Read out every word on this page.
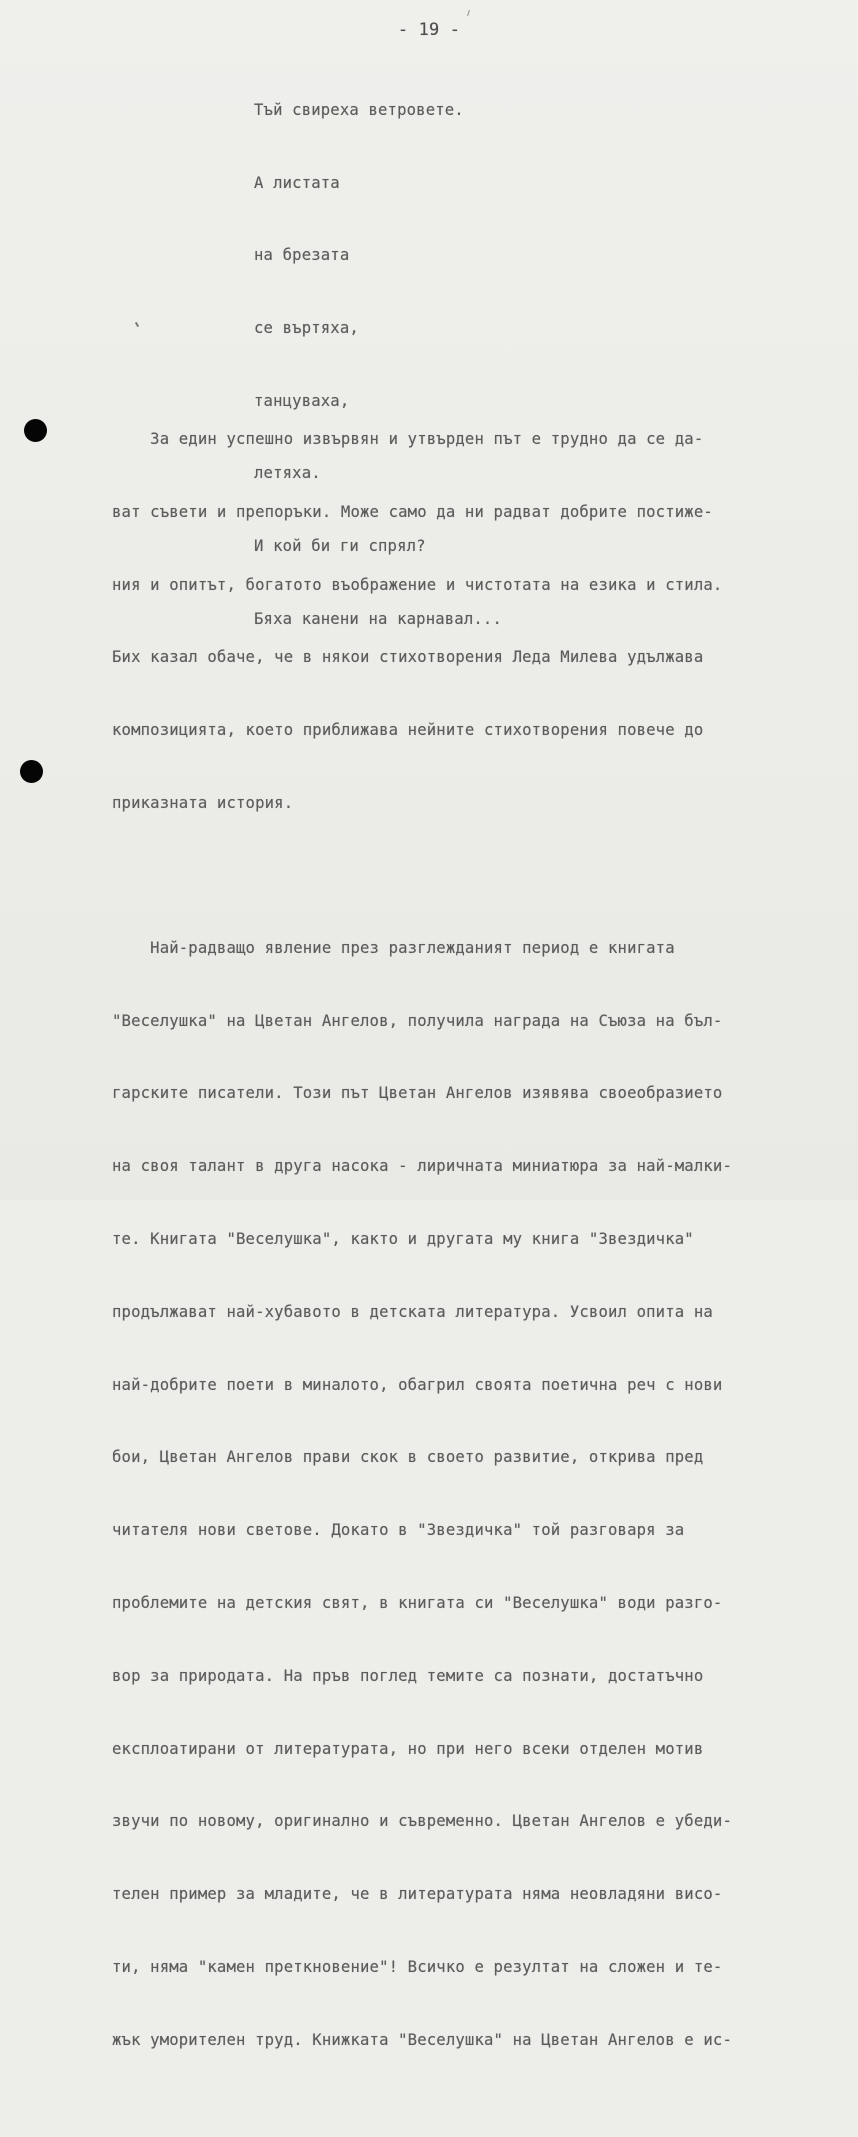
- 19 -

Тъй свиреха ветровете.

А листата

на брезата

се въртяха,

танцуваха,

летяха.

И кой би ги спрял?

Бяха канени на карнавал...

За един успешно извървян и утвърден път е трудно да се да-

ват съвети и препоръки. Може само да ни радват добрите постиже-

ния и опитът, богатото въображение и чистотата на езика и стила.

Бих казал обаче, че в някои стихотворения Леда Милева удължава

композицията, което приближава нейните стихотворения повече до

приказната история.

Най-радващо явление през разглежданият период е книгата

"Веселушка" на Цветан Ангелов, получила награда на Съюза на бъл-

гарските писатели. Този път Цветан Ангелов изявява своеобразието

на своя талант в друга насока - лиричната миниатюра за най-малки-

те. Книгата "Веселушка", както и другата му книга "Звездичка"

продължават най-хубавото в детската литература. Усвоил опита на

най-добрите поети в миналото, обагрил своята поетична реч с нови

бои, Цветан Ангелов прави скок в своето развитие, открива пред

читателя нови светове. Докато в "Звездичка" той разговаря за

проблемите на детския свят, в книгата си "Веселушка" води разго-

вор за природата. На пръв поглед темите са познати, достатъчно

експлоатирани от литературата, но при него всеки отделен мотив

звучи по новому, оригинално и съвременно. Цветан Ангелов е убеди-

телен пример за младите, че в литературата няма неовладяни висо-

ти, няма "камен преткновение"! Всичко е резултат на сложен и те-

жък уморителен труд. Книжката "Веселушка" на Цветан Ангелов е ис-
